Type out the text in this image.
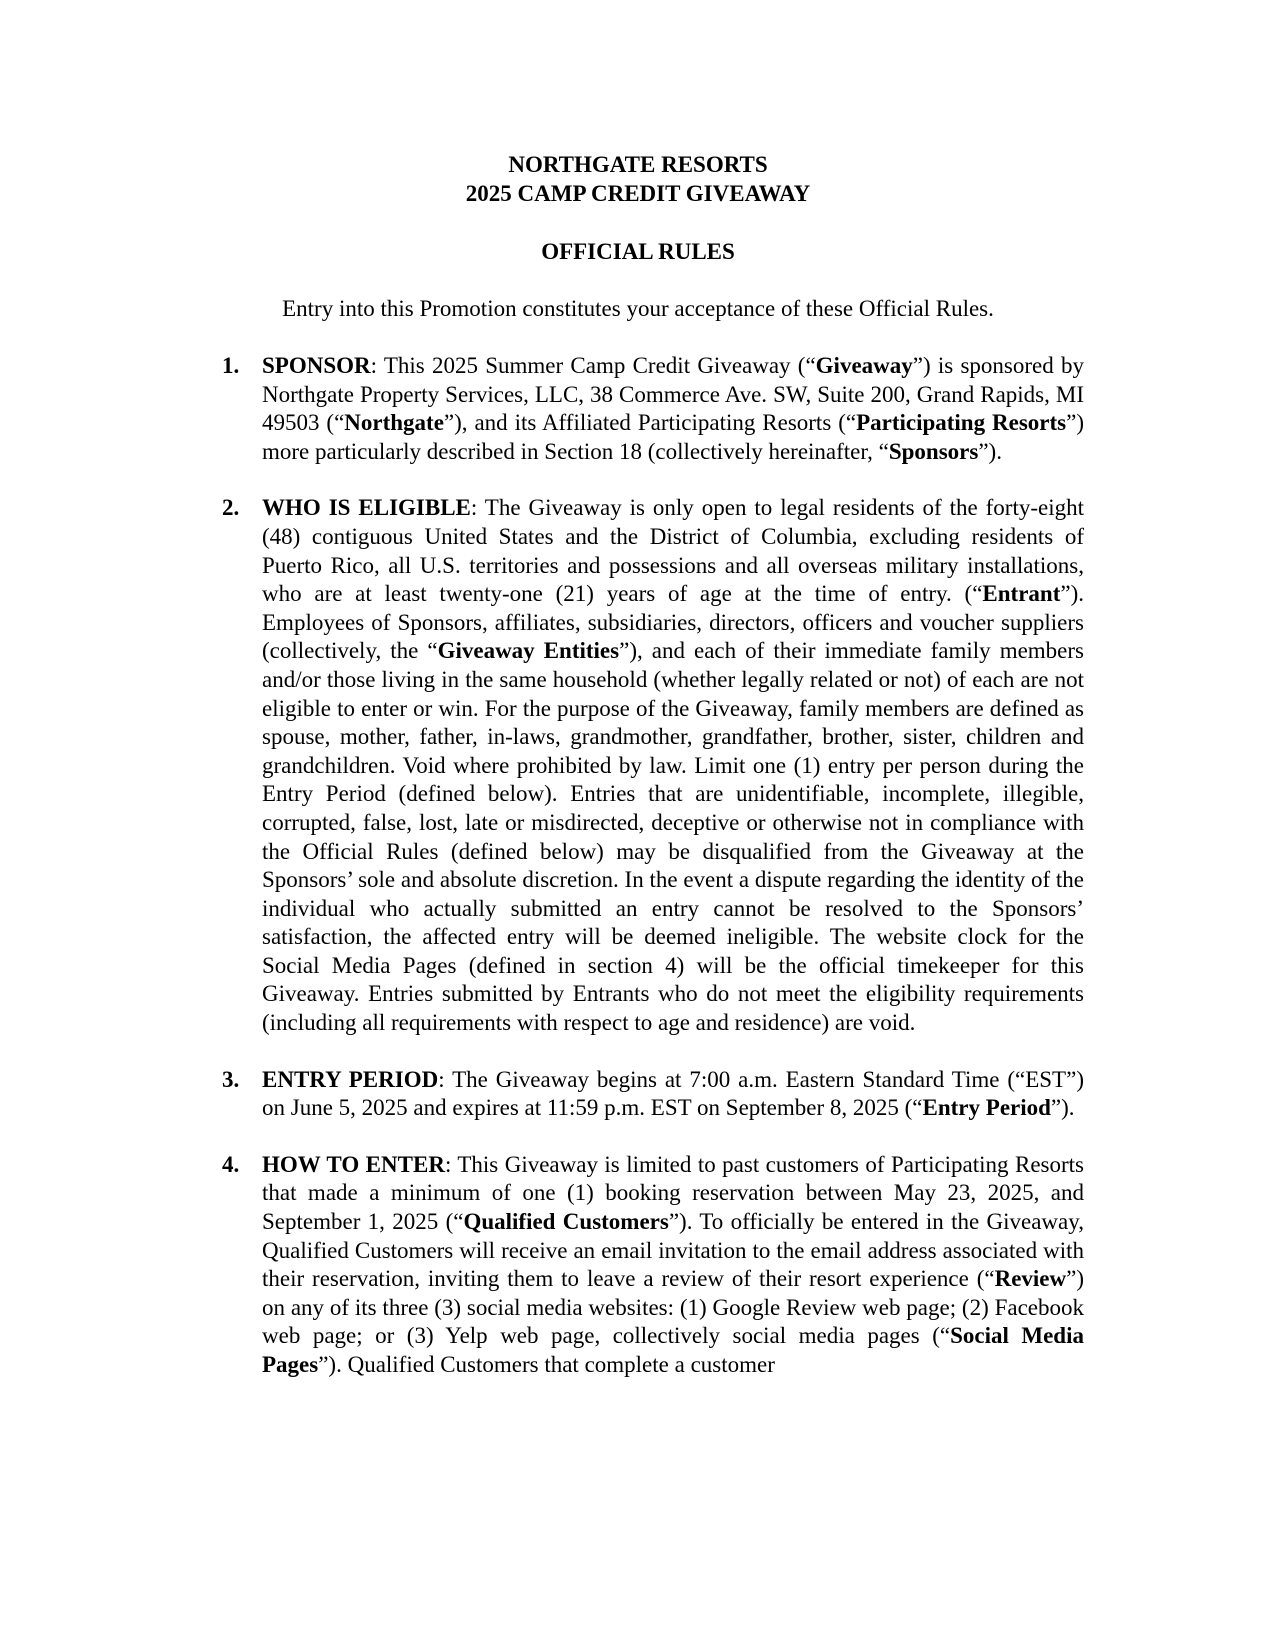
NORTHGATE RESORTS
2025 CAMP CREDIT GIVEAWAY
OFFICIAL RULES
Entry into this Promotion constitutes your acceptance of these Official Rules.
1. SPONSOR: This 2025 Summer Camp Credit Giveaway (“Giveaway”) is sponsored by Northgate Property Services, LLC, 38 Commerce Ave. SW, Suite 200, Grand Rapids, MI 49503 (“Northgate”), and its Affiliated Participating Resorts (“Participating Resorts”) more particularly described in Section 18 (collectively hereinafter, “Sponsors”).
2. WHO IS ELIGIBLE: The Giveaway is only open to legal residents of the forty-eight (48) contiguous United States and the District of Columbia, excluding residents of Puerto Rico, all U.S. territories and possessions and all overseas military installations, who are at least twenty-one (21) years of age at the time of entry. (“Entrant”). Employees of Sponsors, affiliates, subsidiaries, directors, officers and voucher suppliers (collectively, the “Giveaway Entities”), and each of their immediate family members and/or those living in the same household (whether legally related or not) of each are not eligible to enter or win. For the purpose of the Giveaway, family members are defined as spouse, mother, father, in-laws, grandmother, grandfather, brother, sister, children and grandchildren. Void where prohibited by law. Limit one (1) entry per person during the Entry Period (defined below). Entries that are unidentifiable, incomplete, illegible, corrupted, false, lost, late or misdirected, deceptive or otherwise not in compliance with the Official Rules (defined below) may be disqualified from the Giveaway at the Sponsors’ sole and absolute discretion. In the event a dispute regarding the identity of the individual who actually submitted an entry cannot be resolved to the Sponsors’ satisfaction, the affected entry will be deemed ineligible. The website clock for the Social Media Pages (defined in section 4) will be the official timekeeper for this Giveaway. Entries submitted by Entrants who do not meet the eligibility requirements (including all requirements with respect to age and residence) are void.
3. ENTRY PERIOD: The Giveaway begins at 7:00 a.m. Eastern Standard Time (“EST”) on June 5, 2025 and expires at 11:59 p.m. EST on September 8, 2025 (“Entry Period”).
4. HOW TO ENTER: This Giveaway is limited to past customers of Participating Resorts that made a minimum of one (1) booking reservation between May 23, 2025, and September 1, 2025 (“Qualified Customers”). To officially be entered in the Giveaway, Qualified Customers will receive an email invitation to the email address associated with their reservation, inviting them to leave a review of their resort experience (“Review”) on any of its three (3) social media websites: (1) Google Review web page; (2) Facebook web page; or (3) Yelp web page, collectively social media pages (“Social Media Pages”). Qualified Customers that complete a customer
